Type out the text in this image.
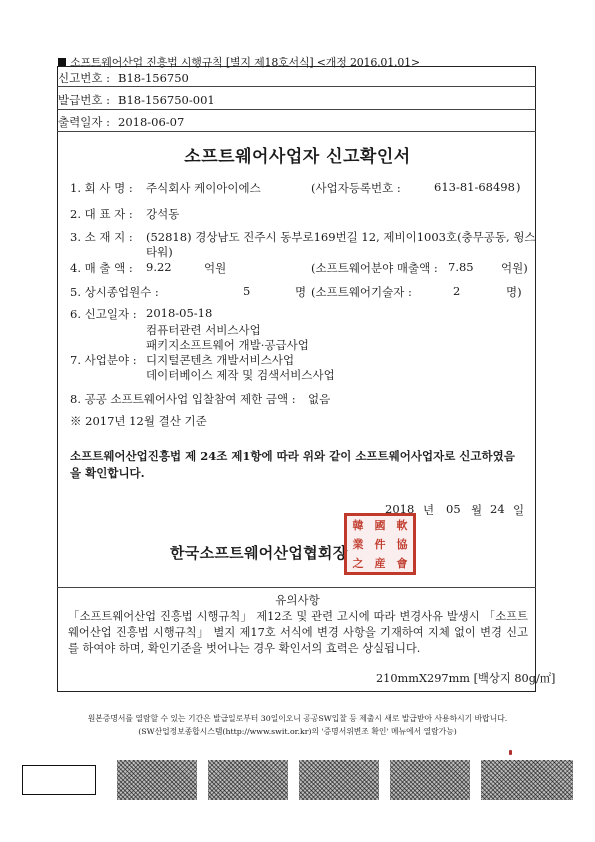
소프트웨어산업 진흥법 시행규칙 [별지 제18호서식] <개정 2016.01.01>
신고번호 : B18-156750
발급번호 : B18-156750-001
출력일자 : 2018-06-07
소프트웨어사업자 신고확인서
1. 회 사 명 : 주식회사 케이아이에스	(사업자등록번호 :	613-81-68498 )
2. 대 표 자 : 강석동
3. 소 재 지 : (52818) 경상남도 진주시 동부로169번길 12, 제비이1003호(충무공동, 윙스
타워)
4. 매 출 액 : 9.22	억원	(소프트웨어분야 매출액 : 7.85 억원)
5. 상시종업원수 :	5	명 (소프트웨어기술자 :	2	명)
6. 신고일자 : 2018-05-18
컴퓨터관련 서비스사업
패키지소프트웨어 개발·공급사업
7. 사업분야 : 디지털콘텐츠 개발서비스사업
데이터베이스 제작 및 검색서비스사업
8. 공공 소프트웨어사업 입찰참여 제한 금액 : 없음
※ 2017년 12월 결산 기준
소프트웨어산업진흥법 제 24조 제1항에 따라 위와 같이 소프트웨어사업자로 신고하였음을 확인합니다.
2018 년 05 월 24 일
한국소프트웨어산업협회장
韓	國	軟
業	件	協
之	産	會
유의사항
「소프트웨어산업 진흥법 시행규칙」 제12조 및 관련 고시에 따라 변경사유 발생시 「소프트웨어산업 진흥법 시행규칙」 별지 제17호 서식에 변경 사항을 기재하여 지체 없이 변경 신고를 하여야 하며, 확인기준을 벗어나는 경우 확인서의 효력은 상실됩니다.
210mmX297mm [백상지 80g/㎡]
원본증명서를 열람할 수 있는 기간은 발급일로부터 30일이오니 공공SW입찰 등 제출시 새로 발급받아 사용하시기 바랍니다.
(SW산업정보종합시스템(http://www.swit.or.kr)의 '증명서위변조 확인' 메뉴에서 열람가능)
